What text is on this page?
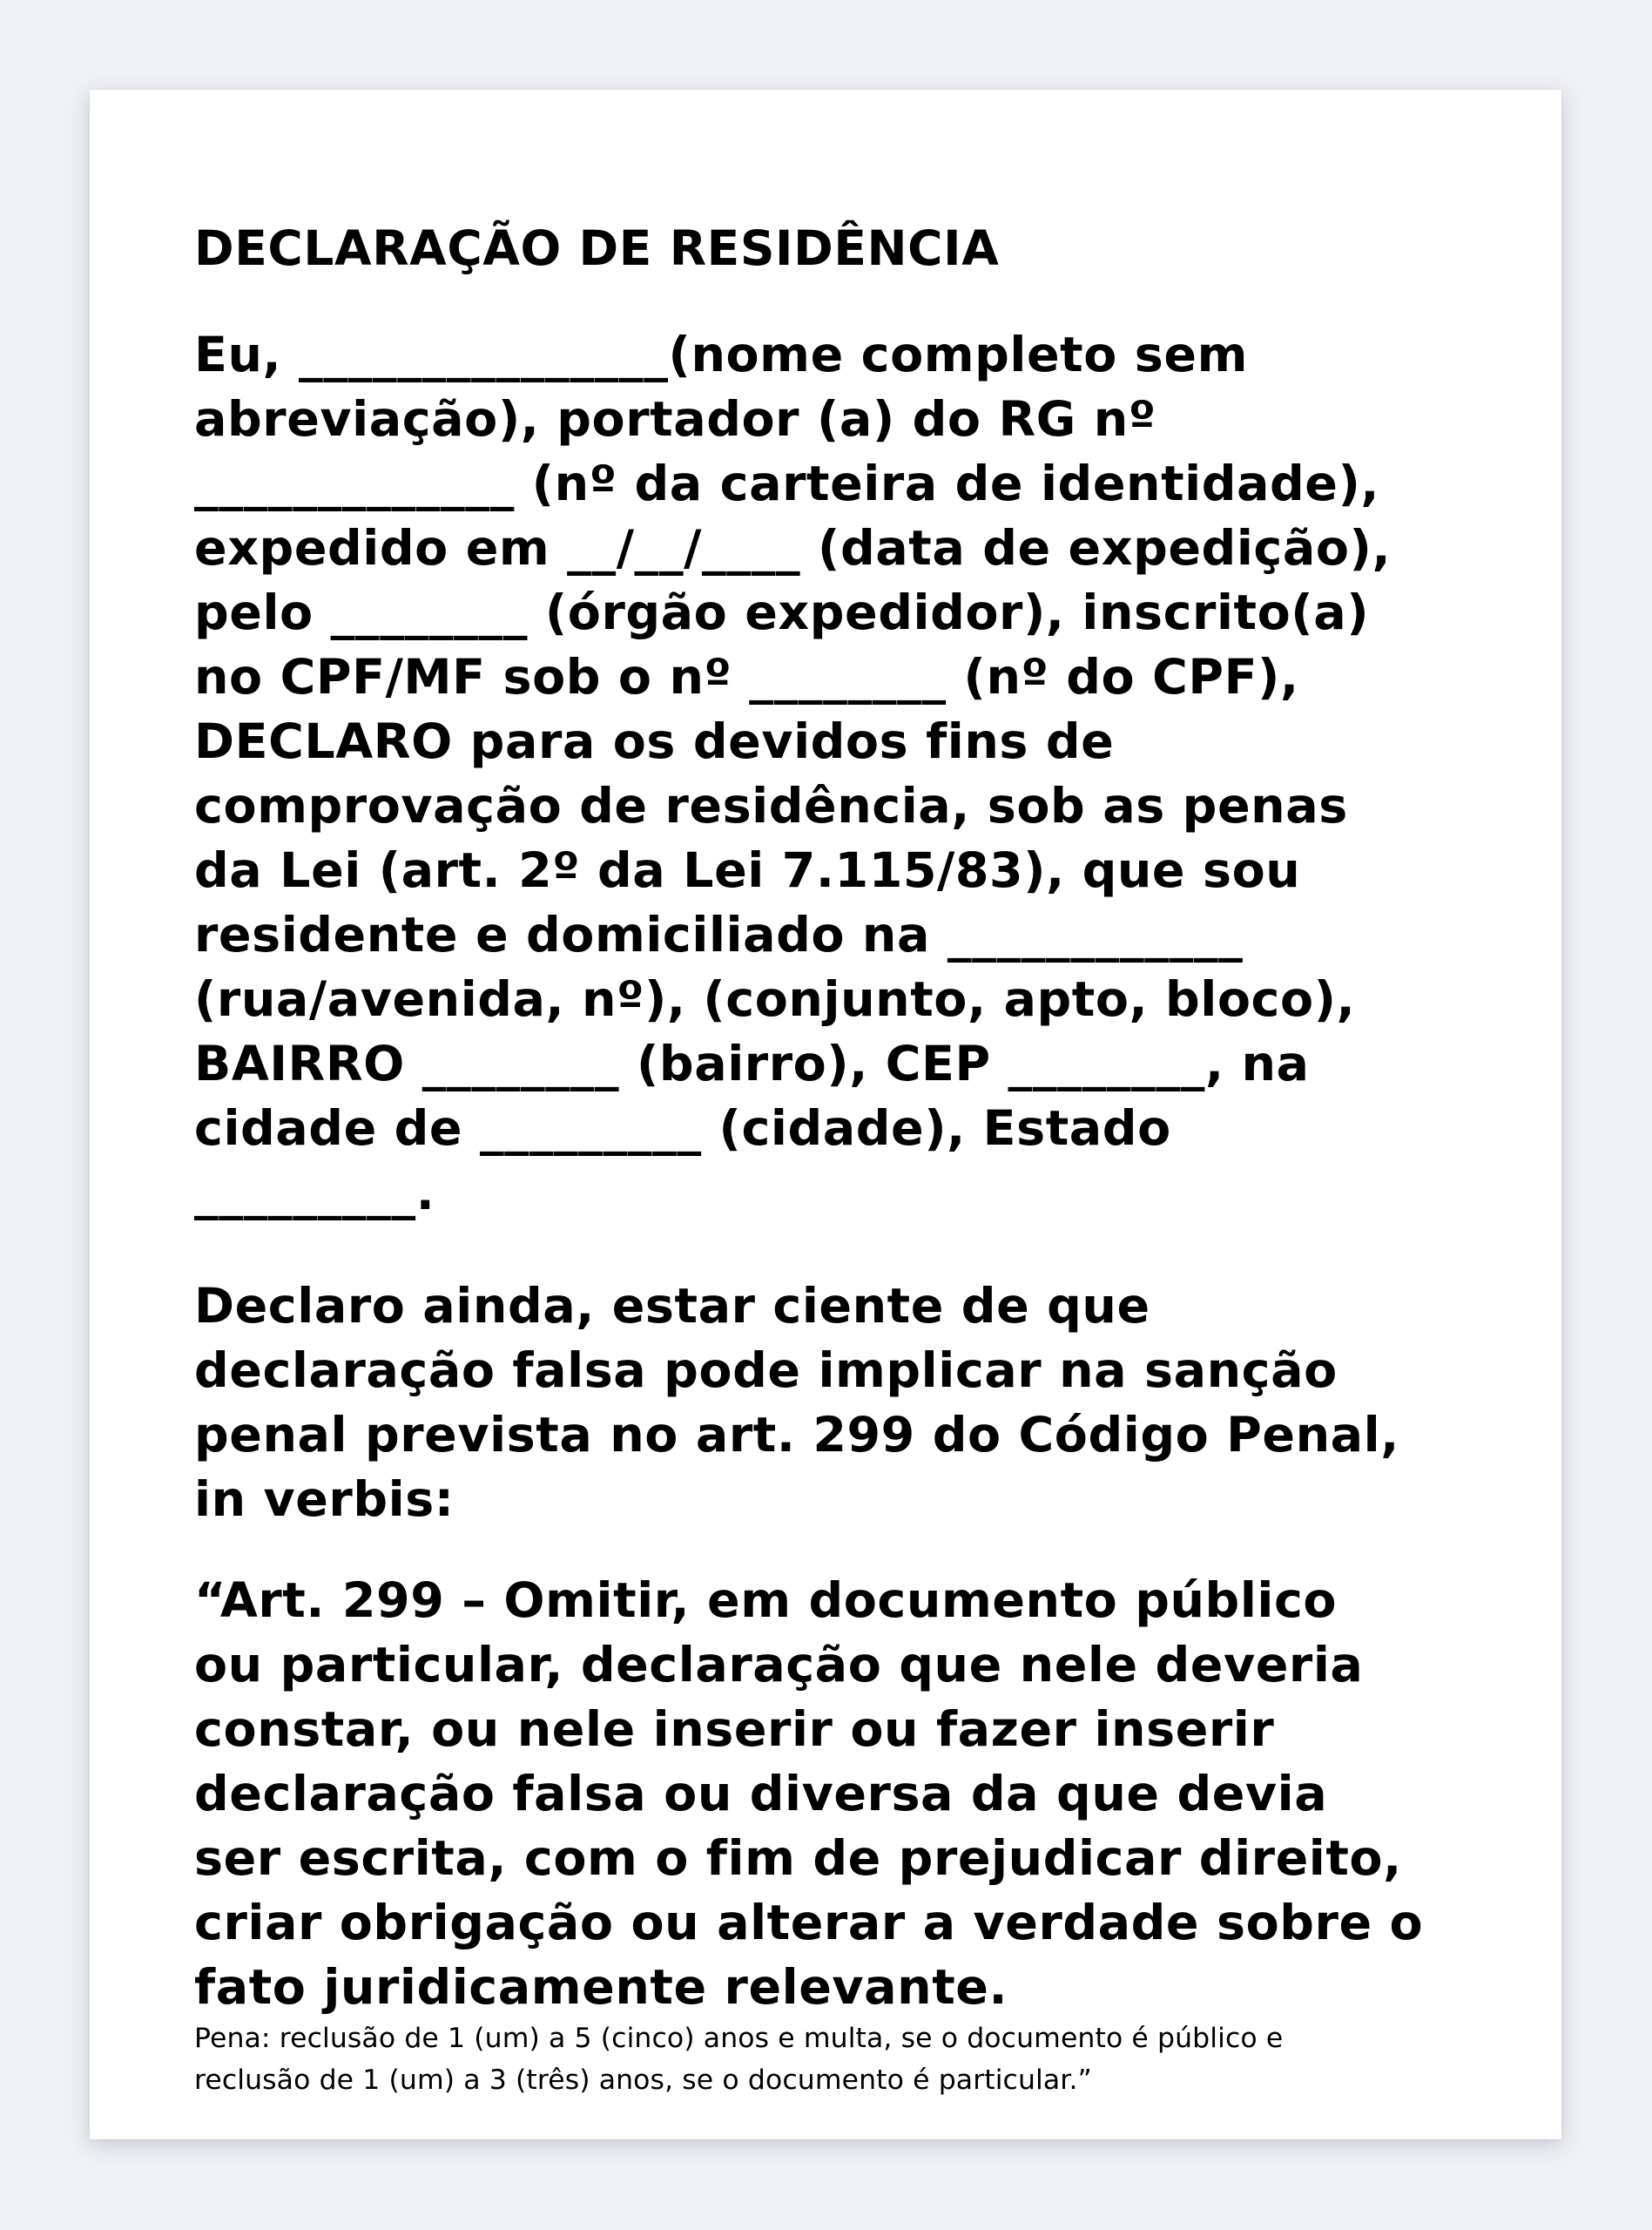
DECLARAÇÃO DE RESIDÊNCIA

Eu, _______________(nome completo sem
abreviação), portador (a) do RG nº
_____________ (nº da carteira de identidade),
expedido em __/__/____ (data de expedição),
pelo ________ (órgão expedidor), inscrito(a)
no CPF/MF sob o nº ________ (nº do CPF),
DECLARO para os devidos fins de
comprovação de residência, sob as penas
da Lei (art. 2º da Lei 7.115/83), que sou
residente e domiciliado na ____________
(rua/avenida, nº), (conjunto, apto, bloco),
BAIRRO ________ (bairro), CEP ________, na
cidade de _________ (cidade), Estado
_________.

Declaro ainda, estar ciente de que
declaração falsa pode implicar na sanção
penal prevista no art. 299 do Código Penal,
in verbis:

“Art. 299 – Omitir, em documento público
ou particular, declaração que nele deveria
constar, ou nele inserir ou fazer inserir
declaração falsa ou diversa da que devia
ser escrita, com o fim de prejudicar direito,
criar obrigação ou alterar a verdade sobre o
fato juridicamente relevante.

Pena: reclusão de 1 (um) a 5 (cinco) anos e multa, se o documento é público e
reclusão de 1 (um) a 3 (três) anos, se o documento é particular.”
